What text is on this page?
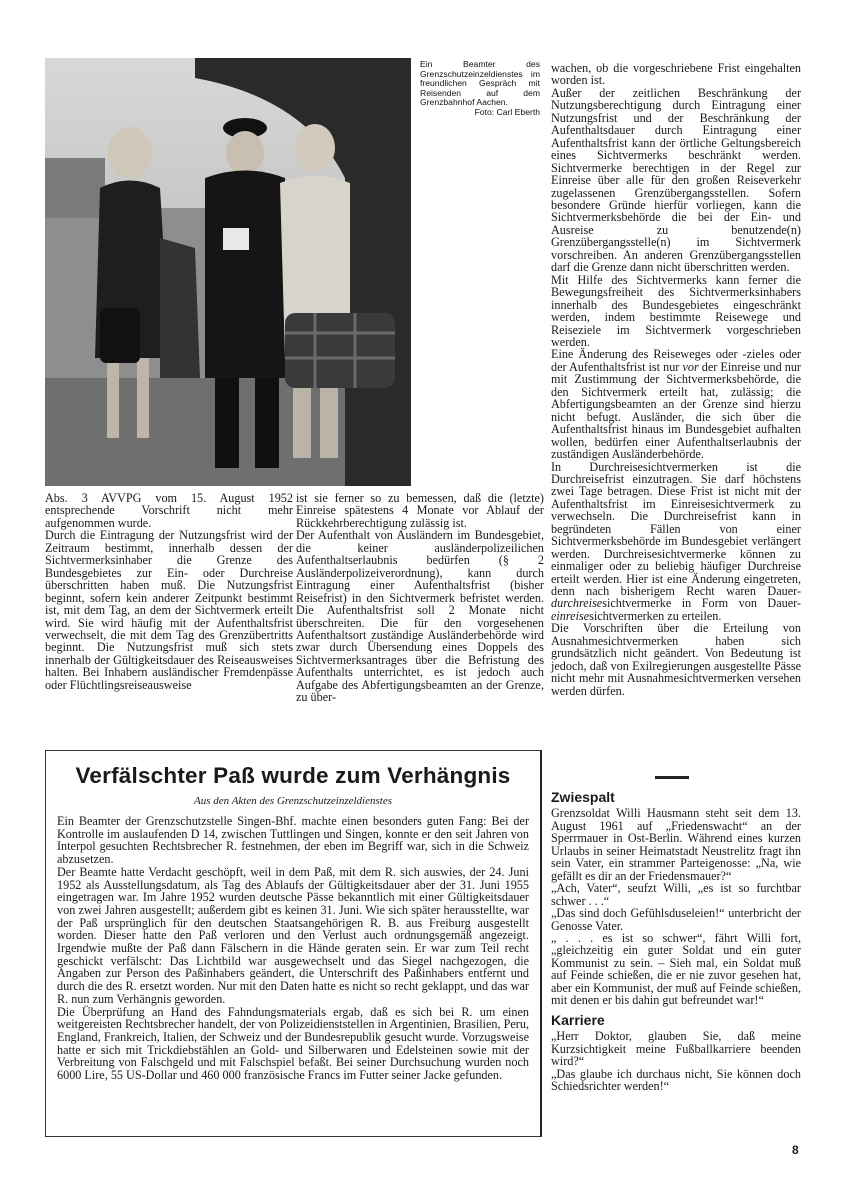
Ein Beamter des Grenzschutzeinzeldienstes im freundlichen Gespräch mit Reisenden auf dem Grenzbahnhof Aachen.
Foto: Carl Eberth

Abs. 3 AVVPG vom 15. August 1952 entsprechende Vorschrift nicht mehr aufgenommen wurde.

Durch die Eintragung der Nutzungsfrist wird der Zeitraum bestimmt, innerhalb dessen der Sichtvermerksinhaber die Grenze des Bundesgebietes zur Ein- oder Durchreise überschritten haben muß. Die Nutzungsfrist beginnt, sofern kein anderer Zeitpunkt bestimmt ist, mit dem Tag, an dem der Sichtvermerk erteilt wird. Sie wird häufig mit der Aufenthaltsfrist verwechselt, die mit dem Tag des Grenzübertritts beginnt. Die Nutzungsfrist muß sich stets innerhalb der Gültigkeitsdauer des Reiseausweises halten. Bei Inhabern ausländischer Fremdenpässe oder Flüchtlingsreiseausweise

ist sie ferner so zu bemessen, daß die (letzte) Einreise spätestens 4 Monate vor Ablauf der Rückkehrberechtigung zulässig ist.

Der Aufenthalt von Ausländern im Bundesgebiet, die keiner ausländerpolizeilichen Aufenthaltserlaubnis bedürfen (§ 2 Ausländerpolizeiverordnung), kann durch Eintragung einer Aufenthaltsfrist (bisher Reisefrist) in den Sichtvermerk befristet werden. Die Aufenthaltsfrist soll 2 Monate nicht überschreiten. Die für den vorgesehenen Aufenthaltsort zuständige Ausländerbehörde wird zwar durch Übersendung eines Doppels des Sichtvermerksantrages über die Befristung des Aufenthalts unterrichtet, es ist jedoch auch Aufgabe des Abfertigungsbeamten an der Grenze, zu über-

wachen, ob die vorgeschriebene Frist eingehalten worden ist.

Außer der zeitlichen Beschränkung der Nutzungsberechtigung durch Eintragung einer Nutzungsfrist und der Beschränkung der Aufenthaltsdauer durch Eintragung einer Aufenthaltsfrist kann der örtliche Geltungsbereich eines Sichtvermerks beschränkt werden. Sichtvermerke berechtigen in der Regel zur Einreise über alle für den großen Reiseverkehr zugelassenen Grenzübergangsstellen. Sofern besondere Gründe hierfür vorliegen, kann die Sichtvermerksbehörde die bei der Ein- und Ausreise zu benutzende(n) Grenzübergangsstelle(n) im Sichtvermerk vorschreiben. An anderen Grenzübergangsstellen darf die Grenze dann nicht überschritten werden.

Mit Hilfe des Sichtvermerks kann ferner die Bewegungsfreiheit des Sichtvermerksinhabers innerhalb des Bundesgebietes eingeschränkt werden, indem bestimmte Reisewege und Reiseziele im Sichtvermerk vorgeschrieben werden.

Eine Änderung des Reiseweges oder -zieles oder der Aufenthaltsfrist ist nur vor der Einreise und nur mit Zustimmung der Sichtvermerksbehörde, die den Sichtvermerk erteilt hat, zulässig; die Abfertigungsbeamten an der Grenze sind hierzu nicht befugt. Ausländer, die sich über die Aufenthaltsfrist hinaus im Bundesgebiet aufhalten wollen, bedürfen einer Aufenthaltserlaubnis der zuständigen Ausländerbehörde.

In Durchreisesichtvermerken ist die Durchreisefrist einzutragen. Sie darf höchstens zwei Tage betragen. Diese Frist ist nicht mit der Aufenthaltsfrist im Einreisesichtvermerk zu verwechseln. Die Durchreisefrist kann in begründeten Fällen von einer Sichtvermerksbehörde im Bundesgebiet verlängert werden. Durchreisesichtvermerke können zu einmaliger oder zu beliebig häufiger Durchreise erteilt werden. Hier ist eine Änderung eingetreten, denn nach bisherigem Recht waren Dauer-durchreisesichtvermerke in Form von Dauer-einreisesichtvermerken zu erteilen.

Die Vorschriften über die Erteilung von Ausnahmesichtvermerken haben sich grundsätzlich nicht geändert. Von Bedeutung ist jedoch, daß von Exilregierungen ausgestellte Pässe nicht mehr mit Ausnahmesichtvermerken versehen werden dürfen.

Verfälschter Paß wurde zum Verhängnis
Aus den Akten des Grenzschutzeinzeldienstes

Ein Beamter der Grenzschutzstelle Singen-Bhf. machte einen besonders guten Fang: Bei der Kontrolle im auslaufenden D 14, zwischen Tuttlingen und Singen, konnte er den seit Jahren von Interpol gesuchten Rechtsbrecher R. festnehmen, der eben im Begriff war, sich in die Schweiz abzusetzen.

Der Beamte hatte Verdacht geschöpft, weil in dem Paß, mit dem R. sich auswies, der 24. Juni 1952 als Ausstellungsdatum, als Tag des Ablaufs der Gültigkeitsdauer aber der 31. Juni 1955 eingetragen war. Im Jahre 1952 wurden deutsche Pässe bekanntlich mit einer Gültigkeitsdauer von zwei Jahren ausgestellt; außerdem gibt es keinen 31. Juni. Wie sich später herausstellte, war der Paß ursprünglich für den deutschen Staatsangehörigen R. B. aus Freiburg ausgestellt worden. Dieser hatte den Paß verloren und den Verlust auch ordnungsgemäß angezeigt. Irgendwie mußte der Paß dann Fälschern in die Hände geraten sein. Er war zum Teil recht geschickt verfälscht: Das Lichtbild war ausgewechselt und das Siegel nachgezogen, die Angaben zur Person des Paßinhabers geändert, die Unterschrift des Paßinhabers entfernt und durch die des R. ersetzt worden. Nur mit den Daten hatte es nicht so recht geklappt, und das war R. nun zum Verhängnis geworden.

Die Überprüfung an Hand des Fahndungsmaterials ergab, daß es sich bei R. um einen weitgereisten Rechtsbrecher handelt, der von Polizeidienststellen in Argentinien, Brasilien, Peru, England, Frankreich, Italien, der Schweiz und der Bundesrepublik gesucht wurde. Vorzugsweise hatte er sich mit Trickdiebstählen an Gold- und Silberwaren und Edelsteinen sowie mit der Verbreitung von Falschgeld und mit Falschspiel befaßt. Bei seiner Durchsuchung wurden noch 6000 Lire, 55 US-Dollar und 460 000 französische Francs im Futter seiner Jacke gefunden.

Zwiespalt

Grenzsoldat Willi Hausmann steht seit dem 13. August 1961 auf „Friedenswacht“ an der Sperrmauer in Ost-Berlin. Während eines kurzen Urlaubs in seiner Heimatstadt Neustrelitz fragt ihn sein Vater, ein strammer Parteigenosse: „Na, wie gefällt es dir an der Friedensmauer?“

„Ach, Vater“, seufzt Willi, „es ist so furchtbar schwer . . .“

„Das sind doch Gefühlsduseleien!“ unterbricht der Genosse Vater.

„ . . . es ist so schwer“, fährt Willi fort, „gleichzeitig ein guter Soldat und ein guter Kommunist zu sein. – Sieh mal, ein Soldat muß auf Feinde schießen, die er nie zuvor gesehen hat, aber ein Kommunist, der muß auf Feinde schießen, mit denen er bis dahin gut befreundet war!“

Karriere

„Herr Doktor, glauben Sie, daß meine Kurzsichtigkeit meine Fußballkarriere beenden wird?“

„Das glaube ich durchaus nicht, Sie können doch Schiedsrichter werden!“

8
